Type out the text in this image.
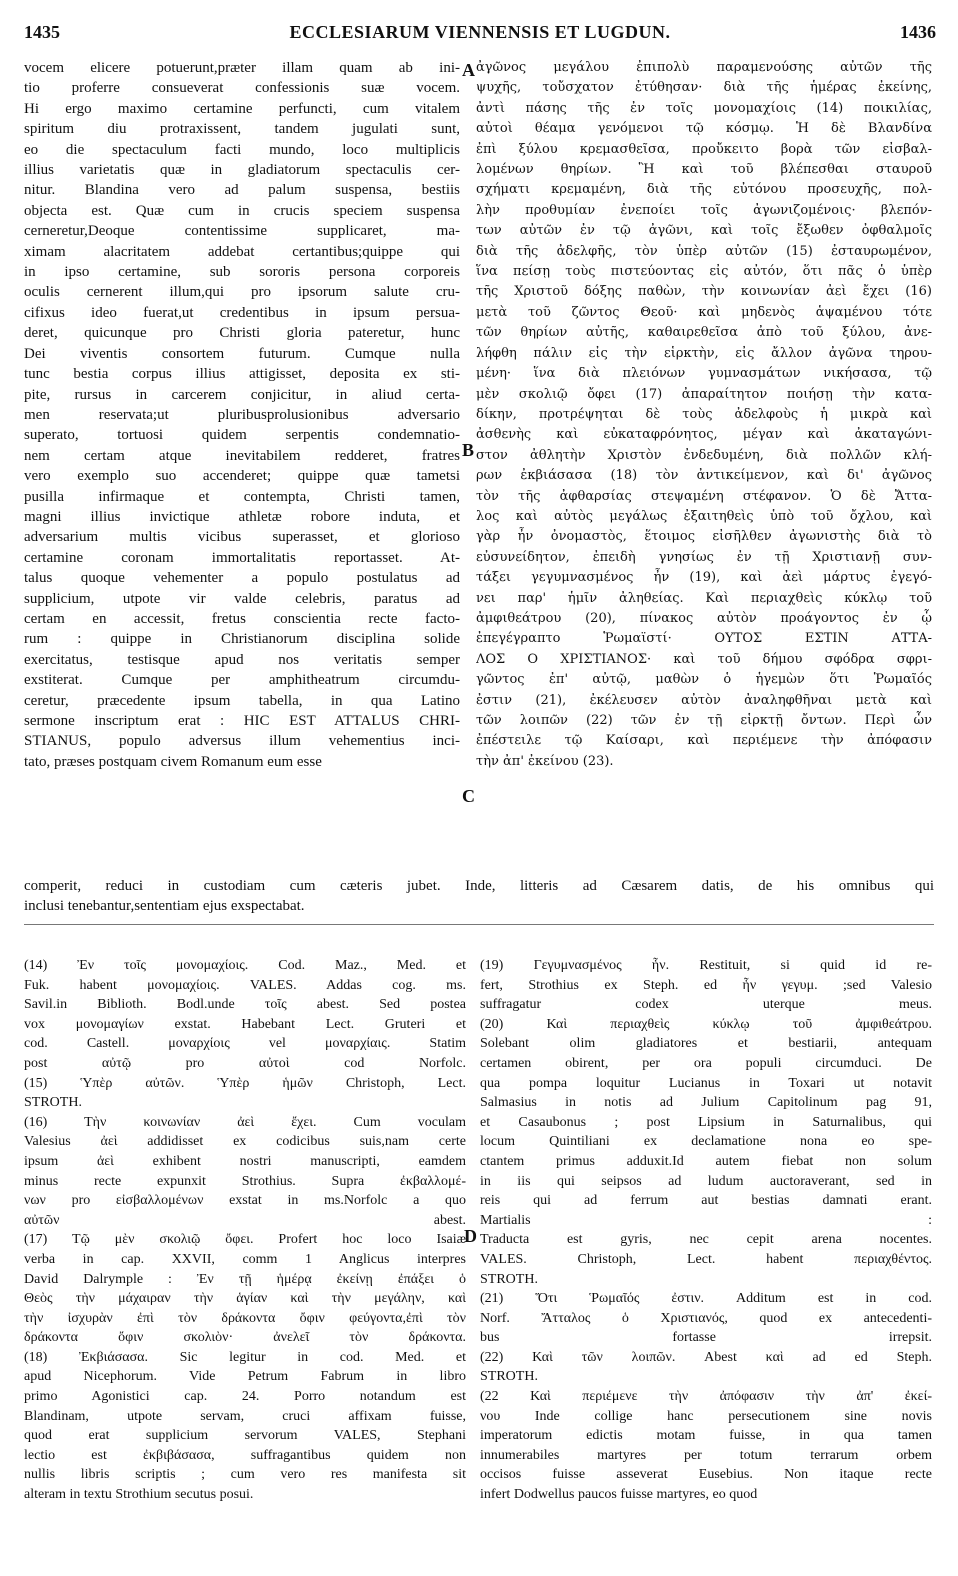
1435	ECCLESIARUM VIENNENSIS ET LUGDUN.	1436
vocem elicere potuerunt,præter illam quam ab ini-
tio proferre consueverat confessionis suæ vocem.
Hi ergo maximo certamine perfuncti, cum vitalem
spiritum diu protraxissent, tandem jugulati sunt,
eo die spectaculum facti mundo, loco multiplicis
illius varietatis quæ in gladiatorum spectaculis cer-
nitur. Blandina vero ad palum suspensa, bestiis
objecta est. Quæ cum in crucis speciem suspensa
cerneretur,Deoque contentissime supplicaret, ma-
ximam alacritatem addebat certantibus;quippe qui
in ipso certamine, sub sororis persona corporeis
oculis cernerent illum,qui pro ipsorum salute cru-
cifixus ideo fuerat,ut credentibus in ipsum persua-
deret, quicunque pro Christi gloria pateretur, hunc
Dei viventis consortem futurum. Cumque nulla
tunc bestia corpus illius attigisset, deposita ex sti-
pite, rursus in carcerem conjicitur, in aliud certa-
men reservata;ut pluribusprolusionibus adversario
superato, tortuosi quidem serpentis condemnatio-
nem certam atque inevitabilem redderet, fratres
vero exemplo suo accenderet; quippe quæ tametsi
pusilla infirmaque et contempta, Christi tamen,
magni illius invictique athletæ robore induta, et
adversarium multis vicibus superasset, et glorioso
certamine coronam immortalitatis reportasset. At-
talus quoque vehementer a populo postulatus ad
supplicium, utpote vir valde celebris, paratus ad
certam en accessit, fretus conscientia recte facto-
rum : quippe in Christianorum disciplina solide
exercitatus, testisque apud nos veritatis semper
exstiterat. Cumque per amphitheatrum circumdu-
ceretur, præcedente ipsum tabella, in qua Latino
sermone inscriptum erat : HIC EST ATTALUS CHRI-
STIANUS, populo adversus illum vehementius inci-
tato, præses postquam civem Romanum eum esse
ἀγῶνος μεγάλου ἐπιπολὺ παραμενούσης αὐτῶν τῆς
ψυχῆς, τοὔσχατον ἐτύθησαν· διὰ τῆς ἡμέρας ἐκείνης,
ἀντὶ πάσης τῆς ἐν τοῖς μονομαχίοις (14) ποικιλίας,
αὐτοὶ θέαμα γενόμενοι τῷ κόσμῳ. Ἡ δὲ Βλανδίνα
ἐπὶ ξύλου κρεμασθεῖσα, προὔκειτο βορὰ τῶν εἰσβαλ-
λομένων θηρίων. Ἣ καὶ τοῦ βλέπεσθαι σταυροῦ
σχήματι κρεμαμένη, διὰ τῆς εὐτόνου προσευχῆς, πολ-
λὴν προθυμίαν ἐνεποίει τοῖς ἀγωνιζομένοις· βλεπόν-
των αὐτῶν ἐν τῷ ἀγῶνι, καὶ τοῖς ἔξωθεν ὀφθαλμοῖς
διὰ τῆς ἀδελφῆς, τὸν ὑπὲρ αὐτῶν (15) ἐσταυρωμένον,
ἵνα πείσῃ τοὺς πιστεύοντας εἰς αὐτόν, ὅτι πᾶς ὁ ὑπὲρ
τῆς Χριστοῦ δόξης παθὼν, τὴν κοινωνίαν ἀεὶ ἔχει (16)
μετὰ τοῦ ζῶντος Θεοῦ· καὶ μηδενὸς ἁψαμένου τότε
τῶν θηρίων αὐτῆς, καθαιρεθεῖσα ἀπὸ τοῦ ξύλου, ἀνε-
λήφθη πάλιν εἰς τὴν εἱρκτὴν, εἰς ἄλλον ἀγῶνα τηρου-
μένη· ἵνα διὰ πλειόνων γυμνασμάτων νικήσασα, τῷ
μὲν σκολιῷ ὄφει (17) ἀπαραίτητον ποιήσῃ τὴν κατα-
δίκην, προτρέψηται δὲ τοὺς ἀδελφοὺς ἡ μικρὰ καὶ
ἀσθενὴς καὶ εὐκαταφρόνητος, μέγαν καὶ ἀκαταγώνι-
στον ἀθλητὴν Χριστὸν ἐνδεδυμένη, διὰ πολλῶν κλή-
ρων ἐκβιάσασα (18) τὸν ἀντικείμενον, καὶ δι' ἀγῶνος
τὸν τῆς ἀφθαρσίας στεψαμένη στέφανον. Ὁ δὲ Ἄττα-
λος καὶ αὐτὸς μεγάλως ἐξαιτηθεὶς ὑπὸ τοῦ ὄχλου, καὶ
γὰρ ἦν ὀνομαστὸς, ἕτοιμος εἰσῆλθεν ἀγωνιστὴς διὰ τὸ
εὐσυνείδητον, ἐπειδὴ γνησίως ἐν τῇ Χριστιανῇ συν-
τάξει γεγυμνασμένος ἦν (19), καὶ ἀεὶ μάρτυς ἐγεγό-
νει παρ' ἡμῖν ἀληθείας. Καὶ περιαχθεὶς κύκλῳ τοῦ
ἀμφιθεάτρου (20), πίνακος αὐτὸν προάγοντος ἐν ᾧ
ἐπεγέγραπτο Ῥωμαϊστί· ΟΥΤΟΣ ΕΣΤΙΝ ΑΤΤΑ-
ΛΟΣ Ο ΧΡΙΣΤΙΑΝΟΣ· καὶ τοῦ δήμου σφόδρα σφρι-
γῶντος ἐπ' αὐτῷ, μαθὼν ὁ ἡγεμὼν ὅτι Ῥωμαῖός
ἐστιν (21), ἐκέλευσεν αὐτὸν ἀναληφθῆναι μετὰ καὶ
τῶν λοιπῶν (22) τῶν ἐν τῇ εἱρκτῇ ὄντων. Περὶ ὧν
ἐπέστειλε τῷ Καίσαρι, καὶ περιέμενε τὴν ἀπόφασιν
τὴν ἀπ' ἐκείνου (23).
A
B
C
D
comperit, reduci in custodiam cum cæteris jubet. Inde, litteris ad Cæsarem datis, de his omnibus qui
inclusi tenebantur,sententiam ejus exspectabat.
(14) Ἐν τοῖς μονομαχίοις. Cod. Maz., Med. et
Fuk. habent μονομαχίοις. VALES. Addas cog. ms.
Savil.in Biblioth. Bodl.unde τοῖς abest. Sed postea
vox μονομαγίων exstat. Habebant Lect. Gruteri et
cod. Castell. μοναρχίοις vel μοναρχίαις. Statim
post αὐτῷ pro αὐτοὶ cod Norfolc.
(15) Ὑπὲρ αὐτῶν. Ὑπὲρ ἡμῶν Christoph, Lect.
STROTH.
(16) Τὴν κοινωνίαν ἀεὶ ἔχει. Cum voculam
Valesius ἀεὶ addidisset ex codicibus suis,nam certe
ipsum ἀεὶ exhibent nostri manuscripti, eamdem
minus recte expunxit Strothius. Supra ἐκβαλλομέ-
νων pro εἰσβαλλομένων exstat in ms.Norfolc a quo
αὐτῶν abest.
(17) Τῷ μὲν σκολιῷ ὄφει. Profert hoc loco Isaiæ
verba in cap. XXVII, comm 1 Anglicus interpres
David Dalrymple : Ἐν τῇ ἡμέρᾳ ἐκείνῃ ἐπάξει ὁ
Θεὸς τὴν μάχαιραν τὴν ἁγίαν καὶ τὴν μεγάλην, καὶ
τὴν ἰσχυρὰν ἐπὶ τὸν δράκοντα ὄφιν φεύγοντα,ἐπὶ τὸν
δράκοντα ὄφιν σκολιὸν· ἀνελεῖ τὸν δράκοντα.
(18) Ἐκβιάσασα. Sic legitur in cod. Med. et
apud Nicephorum. Vide Petrum Fabrum in libro
primo Agonistici cap. 24. Porro notandum est
Blandinam, utpote servam, cruci affixam fuisse,
quod erat supplicium servorum VALES, Stephani
lectio est ἐκβιβάσασα, suffragantibus quidem non
nullis libris scriptis ; cum vero res manifesta sit
alteram in textu Strothium secutus posui.
(19) Γεγυμνασμένος ἦν. Restituit, si quid id re-
fert, Strothius ex Steph. ed ἦν γεγυμ. ;sed Valesio
suffragatur codex uterque meus.
(20) Καὶ περιαχθεὶς κύκλῳ τοῦ ἀμφιθεάτρου.
Solebant olim gladiatores et bestiarii, antequam
certamen obirent, per ora populi circumduci. De
qua pompa loquitur Lucianus in Toxari ut notavit
Salmasius in notis ad Julium Capitolinum pag 91,
et Casaubonus ; post Lipsium in Saturnalibus, qui
locum Quintiliani ex declamatione nona eo spe-
ctantem primus adduxit.Id autem fiebat non solum
in iis qui seipsos ad ludum auctoraverant, sed in
reis qui ad ferrum aut bestias damnati erant.
Martialis :
Traducta est gyris, nec cepit arena nocentes.
VALES. Christoph, Lect. habent περιαχθέντος.
STROTH.
(21) Ὅτι Ῥωμαῖός ἐστιν. Additum est in cod.
Norf. Ἄτταλος ὁ Χριστιανός, quod ex antecedenti-
bus fortasse irrepsit.
(22) Καὶ τῶν λοιπῶν. Abest καὶ ad ed Steph.
STROTH.
(22 Καὶ περιέμενε τὴν ἀπόφασιν τὴν ἀπ' ἐκεί-
νου Inde collige hanc persecutionem sine novis
imperatorum edictis motam fuisse, in qua tamen
innumerabiles martyres per totum terrarum orbem
occisos fuisse asseverat Eusebius. Non itaque recte
infert Dodwellus paucos fuisse martyres, eo quod
